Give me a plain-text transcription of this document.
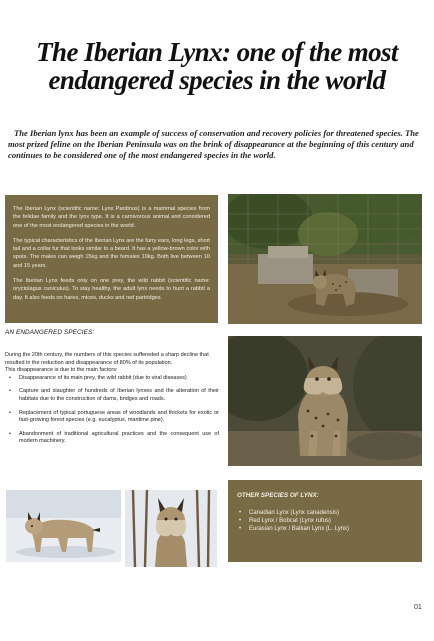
The Iberian Lynx: one of the most endangered species in the world

The Iberian lynx has been an example of success of conservation and recovery policies for threatened species. The most prized feline on the Iberian Peninsula was on the brink of disappearance at the beginning of this century and continues to be considered one of the most endangered species in the world.

The Iberian Lynx (scientific name: Lynx Pardinus) is a mammal species from the felidae family and the lynx type. It is a carnivorous animal and considered one of the most endangered species in the world.

The typical characteristics of the Iberian Lynx are the furry ears, long legs, short tail and a collar fur that looks similar to a beard. It has a yellow-brown color with spots. The males can weigh 15kg and the females 10kg. Both live between 10 and 15 years.

The Iberian Lynx feeds only on one prey, the wild rabbit (scientific name: oryctolagus cuniculus). To stay healthy, the adult lynx needs to hunt a rabbit a day. It also feeds on hares, mices, ducks and red partridges.

AN ENDANGERED SPECIES:

During the 20th century, the numbers of this species suffereded a sharp decline that resulted in the reduction and disappearance of 80% of its population.

This disappearance is due to the main factors:

• Disappearance of its main prey, the wild rabbit (due to viral diseases)
• Capture and slaughter of hundreds of Iberian lynxes and the alteration of their habitats due to the construction of dams, bridges and roads.
• Replacement of typical portuguese areas of woodlands and thickets for exotic or fast-growing forest species (e.g. eucalyptus, maritime pine).
• Abandonment of traditional agricultural practices and the consequent use of modern machinery.
OTHER SPECIES OF LYNX:
• Canadian Lynx (Lynx canadensis)
• Red Lynx / Bobcat (Lynx rufus)
• Eurasian Lynx / Balkan Lynx (L. Lynx)
01
